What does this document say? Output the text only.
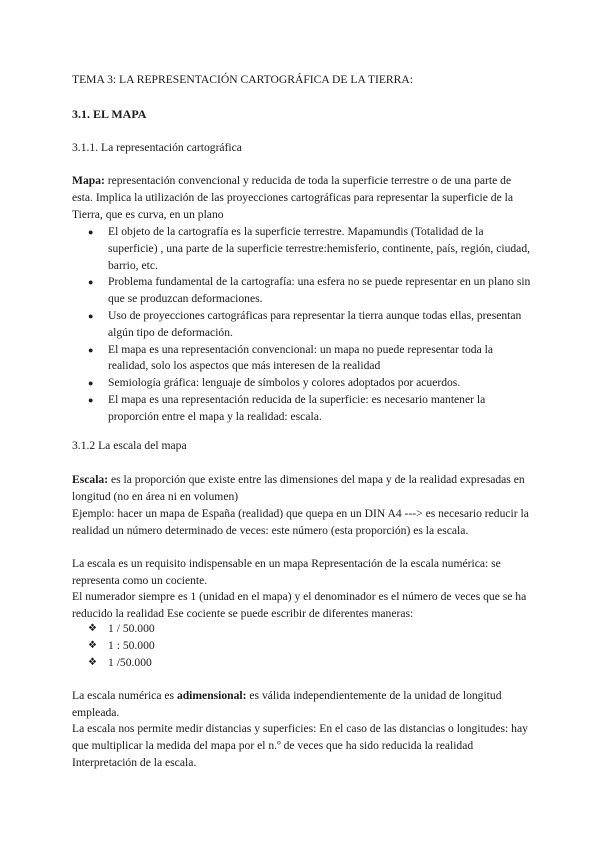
TEMA 3: LA REPRESENTACIÓN CARTOGRÁFICA DE LA TIERRA:

3.1. EL MAPA

3.1.1. La representación cartográfica

Mapa: representación convencional y reducida de toda la superficie terrestre o de una parte de esta. Implica la utilización de las proyecciones cartográficas para representar la superficie de la Tierra, que es curva, en un plano

● El objeto de la cartografía es la superficie terrestre. Mapamundis (Totalidad de la superficie) , una parte de la superficie terrestre:hemisferio, continente, país, región, ciudad, barrio, etc.
● Problema fundamental de la cartografía: una esfera no se puede representar en un plano sin que se produzcan deformaciones.
● Uso de proyecciones cartográficas para representar la tierra aunque todas ellas, presentan algún tipo de deformación.
● El mapa es una representación convencional: un mapa no puede representar toda la realidad, solo los aspectos que más interesen de la realidad
● Semiología gráfica: lenguaje de símbolos y colores adoptados por acuerdos.
● El mapa es una representación reducida de la superficie: es necesario mantener la proporción entre el mapa y la realidad: escala.

3.1.2 La escala del mapa

Escala: es la proporción que existe entre las dimensiones del mapa y de la realidad expresadas en longitud (no en área ni en volumen)

Ejemplo: hacer un mapa de España (realidad) que quepa en un DIN A4 ---> es necesario reducir la realidad un número determinado de veces: este número (esta proporción) es la escala.

La escala es un requisito indispensable en un mapa Representación de la escala numérica: se representa como un cociente.

El numerador siempre es 1 (unidad en el mapa) y el denominador es el número de veces que se ha reducido la realidad Ese cociente se puede escribir de diferentes maneras:

❖ 1 / 50.000
❖ 1 : 50.000
❖ 1 /50.000

La escala numérica es adimensional: es válida independientemente de la unidad de longitud empleada.

La escala nos permite medir distancias y superficies: En el caso de las distancias o longitudes: hay que multiplicar la medida del mapa por el n.º de veces que ha sido reducida la realidad Interpretación de la escala.
